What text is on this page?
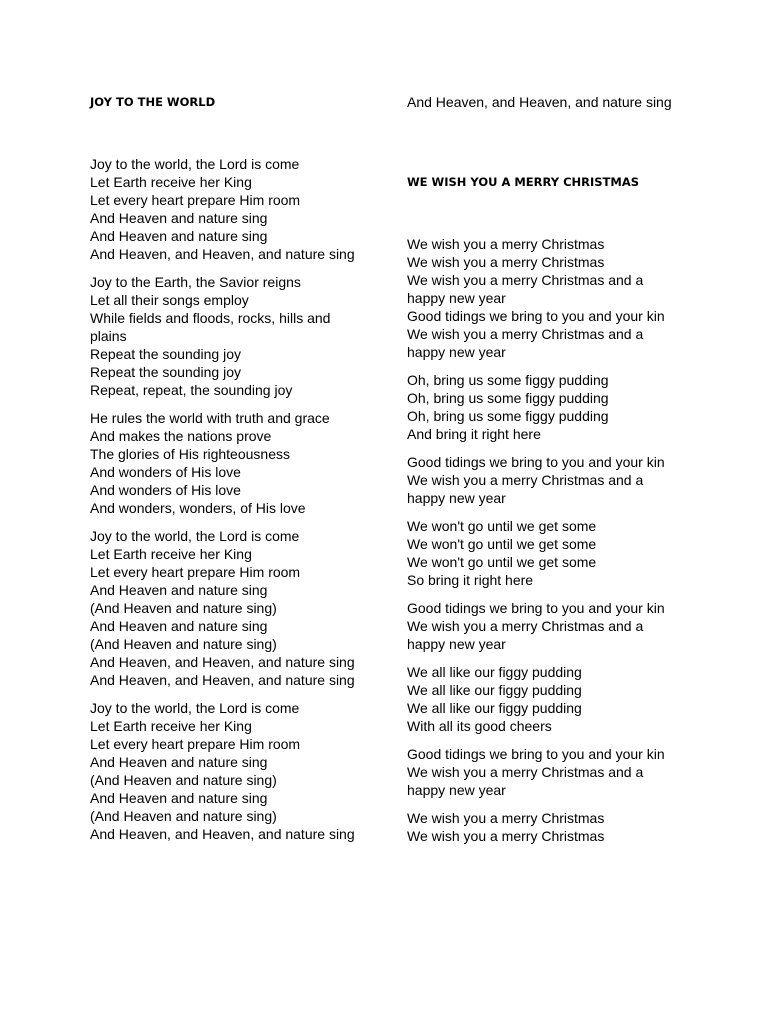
JOY TO THE WORLD
Joy to the world, the Lord is come
Let Earth receive her King
Let every heart prepare Him room
And Heaven and nature sing
And Heaven and nature sing
And Heaven, and Heaven, and nature sing
Joy to the Earth, the Savior reigns
Let all their songs employ
While fields and floods, rocks, hills and plains
Repeat the sounding joy
Repeat the sounding joy
Repeat, repeat, the sounding joy
He rules the world with truth and grace
And makes the nations prove
The glories of His righteousness
And wonders of His love
And wonders of His love
And wonders, wonders, of His love
Joy to the world, the Lord is come
Let Earth receive her King
Let every heart prepare Him room
And Heaven and nature sing
(And Heaven and nature sing)
And Heaven and nature sing
(And Heaven and nature sing)
And Heaven, and Heaven, and nature sing
And Heaven, and Heaven, and nature sing
Joy to the world, the Lord is come
Let Earth receive her King
Let every heart prepare Him room
And Heaven and nature sing
(And Heaven and nature sing)
And Heaven and nature sing
(And Heaven and nature sing)
And Heaven, and Heaven, and nature sing
And Heaven, and Heaven, and nature sing
WE WISH YOU A MERRY CHRISTMAS
We wish you a merry Christmas
We wish you a merry Christmas
We wish you a merry Christmas and a happy new year
Good tidings we bring to you and your kin
We wish you a merry Christmas and a happy new year
Oh, bring us some figgy pudding
Oh, bring us some figgy pudding
Oh, bring us some figgy pudding
And bring it right here
Good tidings we bring to you and your kin
We wish you a merry Christmas and a happy new year
We won't go until we get some
We won't go until we get some
We won't go until we get some
So bring it right here
Good tidings we bring to you and your kin
We wish you a merry Christmas and a happy new year
We all like our figgy pudding
We all like our figgy pudding
We all like our figgy pudding
With all its good cheers
Good tidings we bring to you and your kin
We wish you a merry Christmas and a happy new year
We wish you a merry Christmas
We wish you a merry Christmas
